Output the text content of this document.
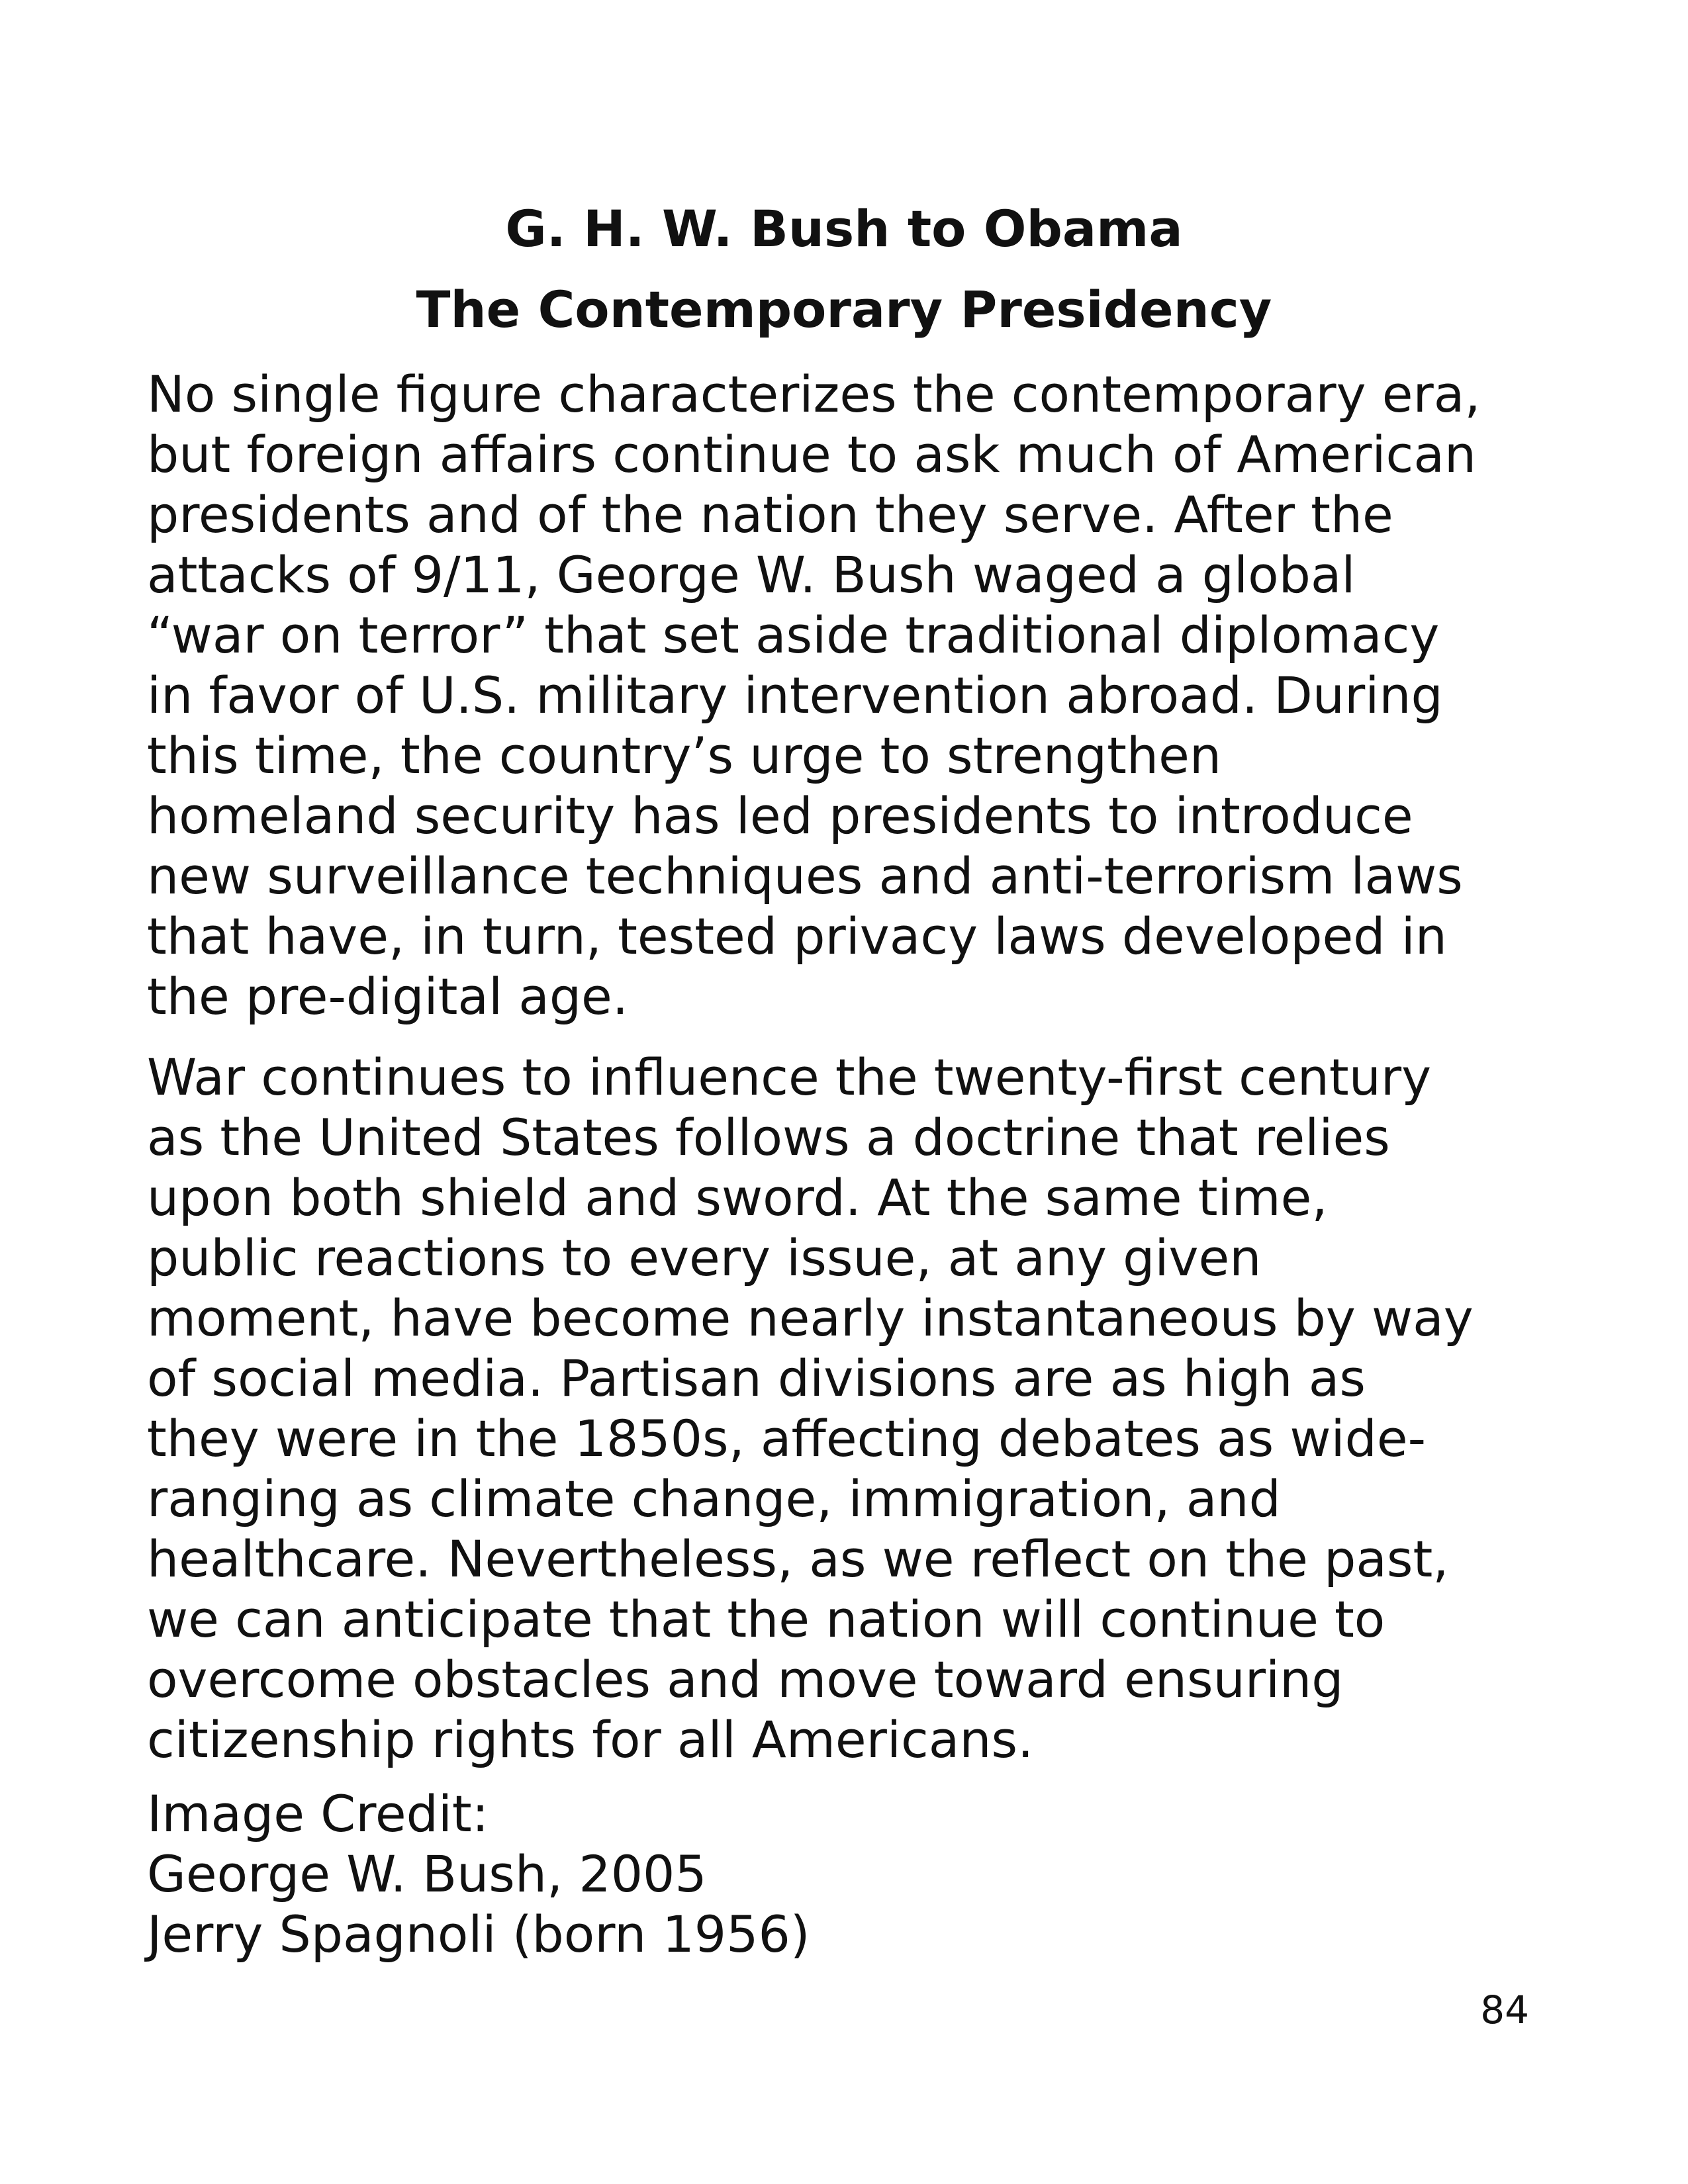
G. H. W. Bush to Obama
The Contemporary Presidency

No single figure characterizes the contemporary era,
but foreign affairs continue to ask much of American
presidents and of the nation they serve. After the
attacks of 9/11, George W. Bush waged a global
“war on terror” that set aside traditional diplomacy
in favor of U.S. military intervention abroad. During
this time, the country’s urge to strengthen
homeland security has led presidents to introduce
new surveillance techniques and anti-terrorism laws
that have, in turn, tested privacy laws developed in
the pre-digital age.

War continues to influence the twenty-first century
as the United States follows a doctrine that relies
upon both shield and sword. At the same time,
public reactions to every issue, at any given
moment, have become nearly instantaneous by way
of social media. Partisan divisions are as high as
they were in the 1850s, affecting debates as wide-
ranging as climate change, immigration, and
healthcare. Nevertheless, as we reflect on the past,
we can anticipate that the nation will continue to
overcome obstacles and move toward ensuring
citizenship rights for all Americans.

Image Credit:
George W. Bush, 2005
Jerry Spagnoli (born 1956)

84
